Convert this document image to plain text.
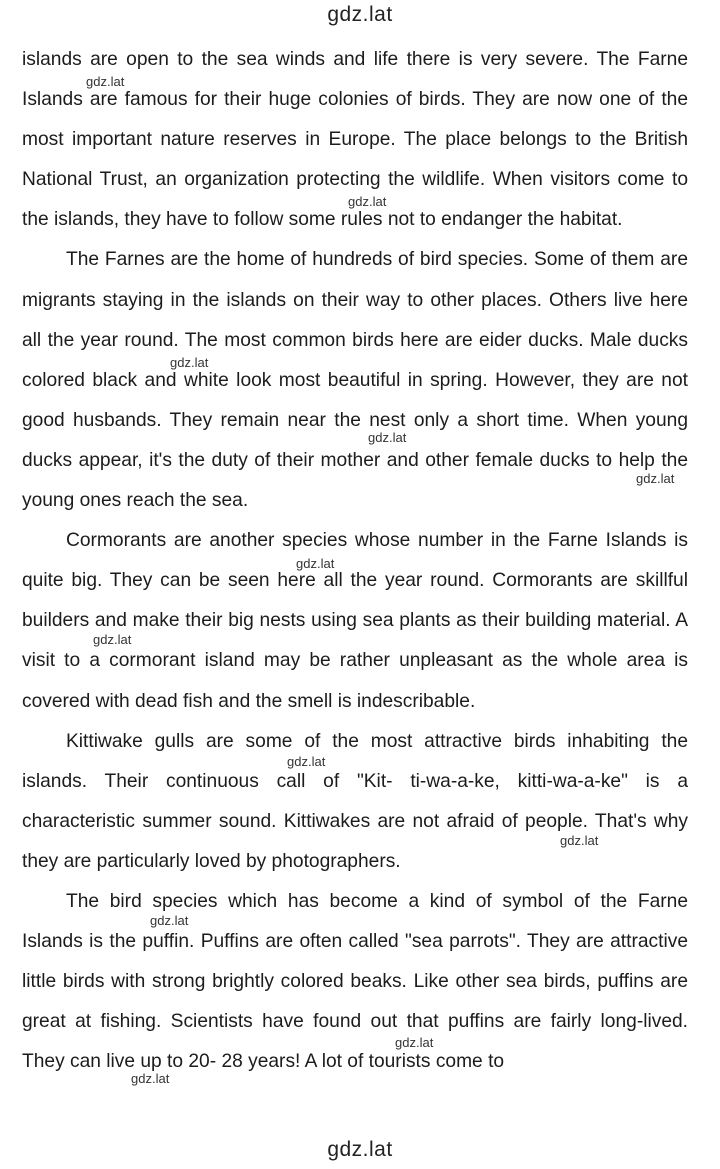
gdz.lat

islands are open to the sea winds and life there is very severe. The Farne Islands are famous for their huge colonies of birds. They are now one of the most important nature reserves in Europe. The place belongs to the British National Trust, an organization protecting the wildlife. When visitors come to the islands, they have to follow some rules not to endanger the habitat.

The Farnes are the home of hundreds of bird species. Some of them are migrants staying in the islands on their way to other places. Others live here all the year round. The most common birds here are eider ducks. Male ducks colored black and white look most beautiful in spring. However, they are not good husbands. They remain near the nest only a short time. When young ducks appear, it's the duty of their mother and other female ducks to help the young ones reach the sea.

Cormorants are another species whose number in the Farne Islands is quite big. They can be seen here all the year round. Cormorants are skillful builders and make their big nests using sea plants as their building material. A visit to a cormorant island may be rather unpleasant as the whole area is covered with dead fish and the smell is indescribable.

Kittiwake gulls are some of the most attractive birds inhabiting the islands. Their continuous call of "Kit- ti-wa-a-ke, kitti-wa-a-ke" is a characteristic summer sound. Kittiwakes are not afraid of people. That's why they are particularly loved by photographers.

The bird species which has become a kind of symbol of the Farne Islands is the puffin. Puffins are often called "sea parrots". They are attractive little birds with strong brightly colored beaks. Like other sea birds, puffins are great at fishing. Scientists have found out that puffins are fairly long-lived. They can live up to 20- 28 years! A lot of tourists come to

gdz.lat
gdz.lat
gdz.lat
gdz.lat
gdz.lat
gdz.lat
gdz.lat
gdz.lat
gdz.lat
gdz.lat
gdz.lat
gdz.lat
gdz.lat
